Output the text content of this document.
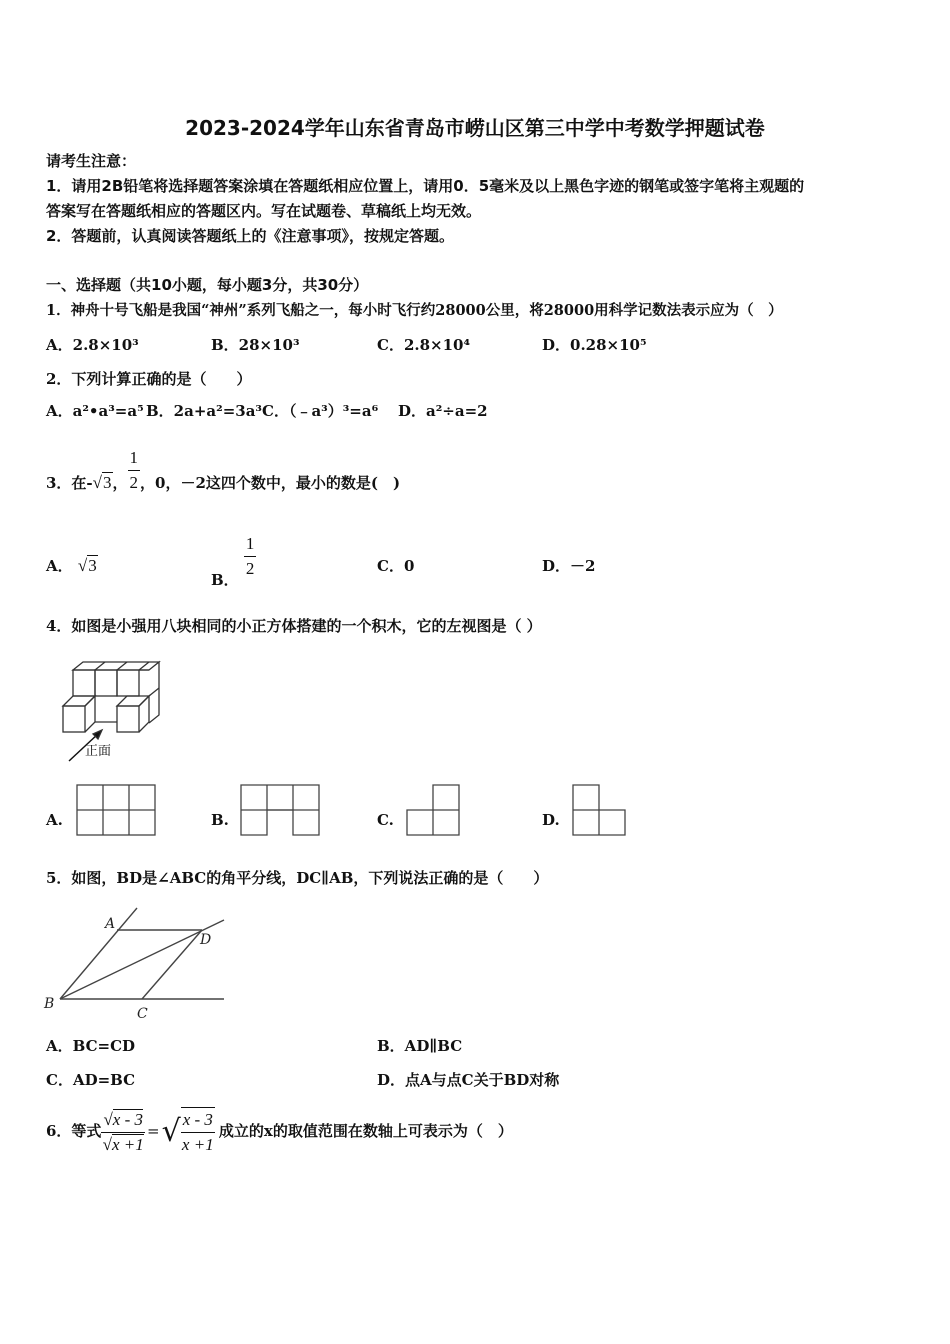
2023-2024学年山东省青岛市崂山区第三中学中考数学押题试卷
请考生注意：
1．请用2B铅笔将选择题答案涂填在答题纸相应位置上，请用0．5毫米及以上黑色字迹的钢笔或签字笔将主观题的
答案写在答题纸相应的答题区内。写在试题卷、草稿纸上均无效。
2．答题前，认真阅读答题纸上的《注意事项》，按规定答题。
一、选择题（共10小题，每小题3分，共30分）
1．神舟十号飞船是我国“神州”系列飞船之一，每小时飞行约28000公里，将28000用科学记数法表示应为（　）
A．2.8×10³	B．28×10³	C．2.8×10⁴	D．0.28×10⁵
2．下列计算正确的是（　　）
A．a²•a³=a⁵ B．2a+a²=3a³ C．（﹣a³）³=a⁶ D．a²÷a=2
3．在-√3， $\frac{1}{2}$ ，0，－2这四个数中，最小的数是(　)
A． √3
B． $\frac{1}{2}$	C．0	D．－2
4．如图是小强用八块相同的小正方体搭建的一个积木，它的左视图是（ ）
正面
A.	B.	C.	D.
5．如图，BD是∠ABC的角平分线，DC∥AB，下列说法正确的是（　　）
A
B
C
D
A．BC=CD	B．AD∥BC
C．AD=BC	D．点A与点C关于BD对称
6．等式 $\frac{√x - 3}{√x +1}$ =√ $\frac{x - 3}{x +1}$ 成立的x的取值范围在数轴上可表示为（　）
